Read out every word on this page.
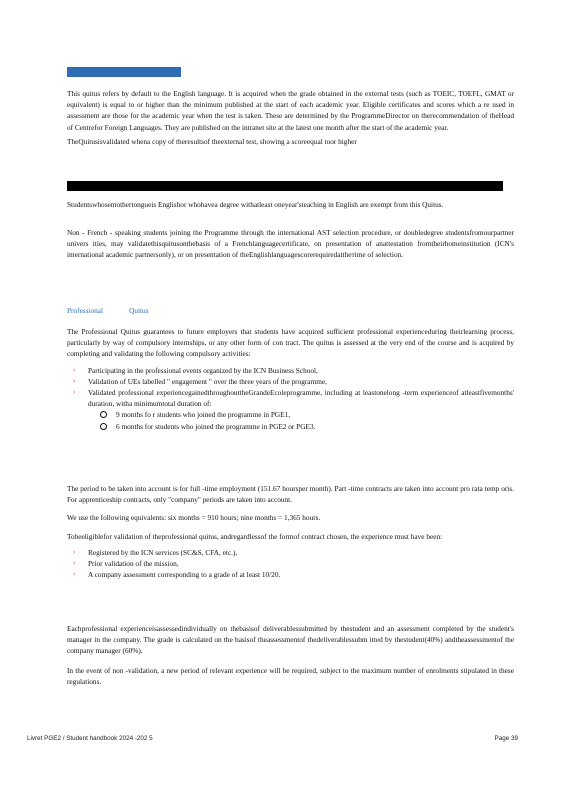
This quitus refers by default to the English language. It is acquired when the grade obtained in the external tests (such as TOEIC, TOEFL, GMAT or equivalent) is equal to or higher than the minimum published at the start of each academic year. Eligible certificates and scores which a re used in assessment are those for the academic year when the test is taken. These are determined by the ProgrammeDirector on therecommendation of theHead of Centrefor Foreign Languages. They are published on the intranet site at the latest one month after the start of the academic year.

TheQuitusisvalidated whena copy of theresultsof theexternal test, showing a scoreequal toor higher

Studentswhosemothertongueis Englishor whohavea degree withatleast oneyear'steaching in English are exempt from this Quitus.

Non - French - speaking students joining the Programme through the international AST selection procedure, or doubledegree studentsfromourpartner univers ities, may validatethisquitusonthebasis of a Frenchlanguagecertificate, on presentation of anattestation fromtheirhomeinstitution (ICN's international academic partnersonly), or on presentation of theEnglishlanguagescorerequiredattheтime of selection.

Professional	Quitus

The Professional Quitus guarantees to future employers that students have acquired sufficient professional experienceduring theirlearning process, particularly by way of compulsory internships, or any other form of con tract. The quitus is assessed at the very end of the course and is acquired by completing and validating the following compulsory activities:

› Participating in the professional events organized by the ICN Business School,
› Validation of UEs labelled " engagement " over the three years of the programme,
› Validated professional experiencegainedthroughouttheGrandeEcoleprogramme, including at leastonelong -term experienceof atleastfivemonths' duration, witha minimumtotal duration of:
9 months fo r students who joined the programme in PGE1,
6 months for students who joined the programme in PGE2 or PGE3.

The period to be taken into account is for full -time employment (151.67 hoursper month). Part -time contracts are taken into account pro rata temp oris. For apprenticeship contracts, only "company" periods are taken into account.

We use the following equivalents: six months = 910 hours; nine months = 1,365 hours.

Tobeeligiblefor validation of theprofessional quitus, andregardlessof the formof contract chosen, the experience must have been:

› Registered by the ICN services (SC&S, CFA, etc.),
› Prior validation of the mission,
› A company assessment corresponding to a grade of at least 10/20.

Eachprofessional experienceisassessedindividually on thebasisof deliverablessubmitted by thestudent and an assessment completed by the student's manager in the company. The grade is calculated on the basisof theassessmentof thedeliverablessubm itted by thestudent(40%) andtheassessmentof the company manager (60%).

In the event of non -validation, a new period of relevant experience will be required, subject to the maximum number of enrolments stipulated in these regulations.

Livret PGE2 / Student handbook 2024 -202 5	Page 39
